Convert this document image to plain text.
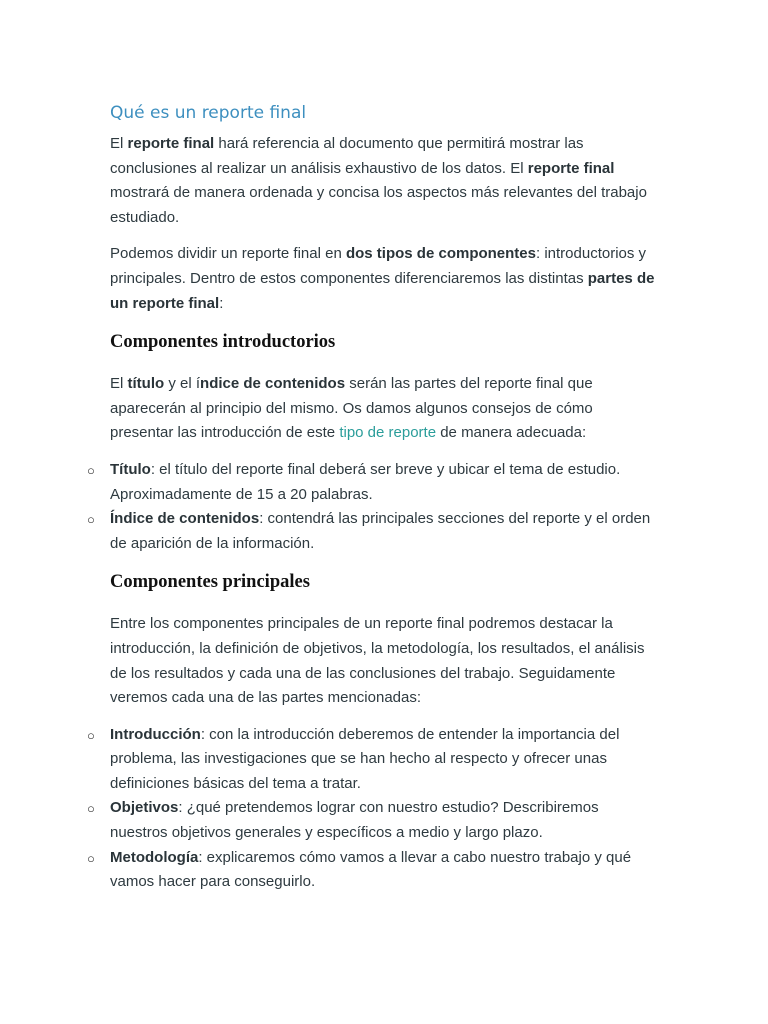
Qué es un reporte final

El reporte final hará referencia al documento que permitirá mostrar las conclusiones al realizar un análisis exhaustivo de los datos. El reporte final mostrará de manera ordenada y concisa los aspectos más relevantes del trabajo estudiado.

Podemos dividir un reporte final en dos tipos de componentes: introductorios y principales. Dentro de estos componentes diferenciaremos las distintas partes de un reporte final:

Componentes introductorios

El título y el índice de contenidos serán las partes del reporte final que aparecerán al principio del mismo. Os damos algunos consejos de cómo presentar las introducción de este tipo de reporte de manera adecuada:

○ Título: el título del reporte final deberá ser breve y ubicar el tema de estudio. Aproximadamente de 15 a 20 palabras.
○ Índice de contenidos: contendrá las principales secciones del reporte y el orden de aparición de la información.
Componentes principales

Entre los componentes principales de un reporte final podremos destacar la introducción, la definición de objetivos, la metodología, los resultados, el análisis de los resultados y cada una de las conclusiones del trabajo. Seguidamente veremos cada una de las partes mencionadas:

○ Introducción: con la introducción deberemos de entender la importancia del problema, las investigaciones que se han hecho al respecto y ofrecer unas definiciones básicas del tema a tratar.
○ Objetivos: ¿qué pretendemos lograr con nuestro estudio? Describiremos nuestros objetivos generales y específicos a medio y largo plazo.
○ Metodología: explicaremos cómo vamos a llevar a cabo nuestro trabajo y qué vamos hacer para conseguirlo.
